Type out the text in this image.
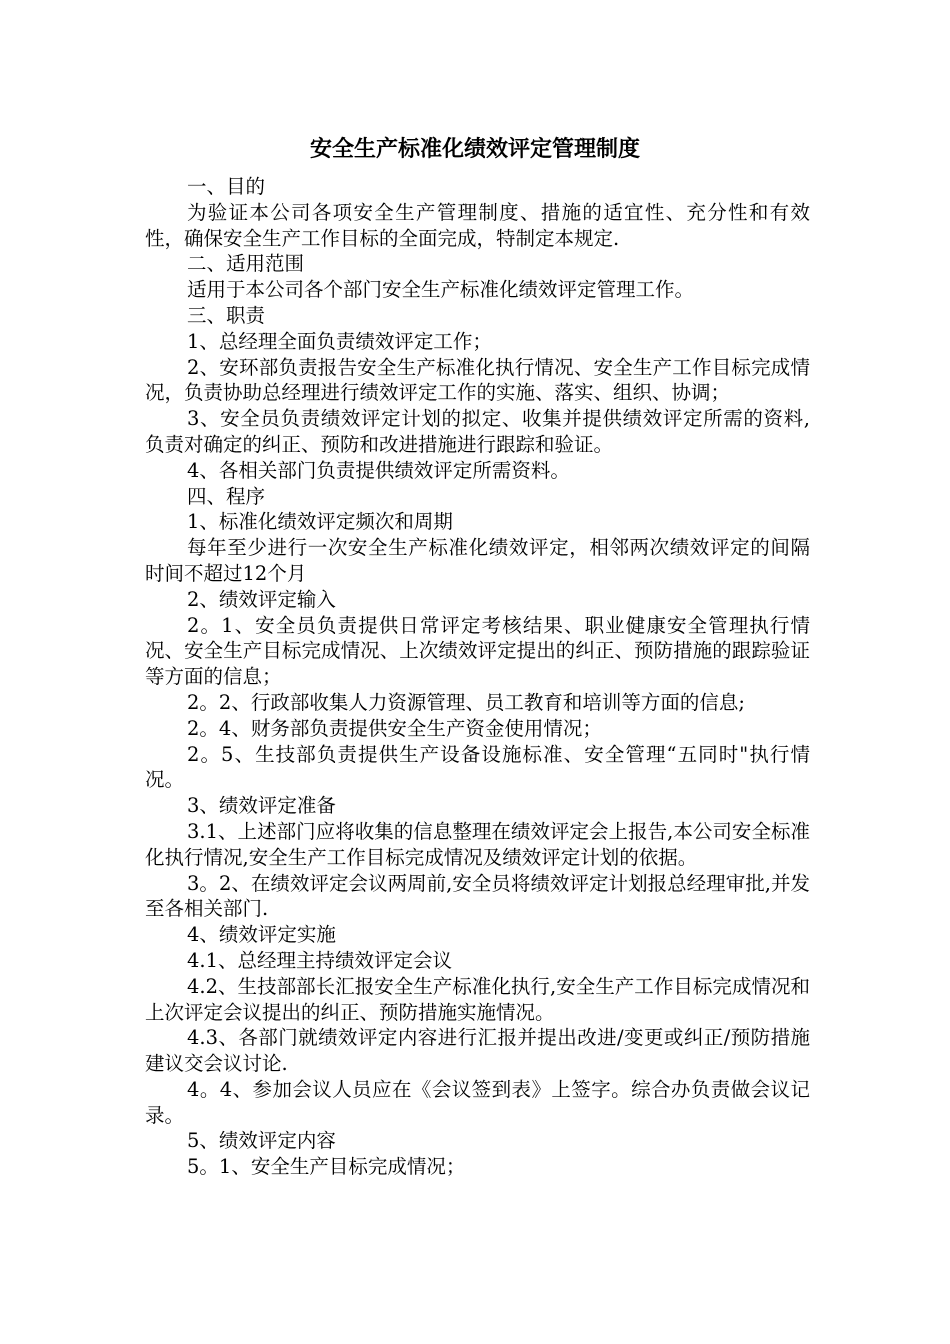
安全生产标准化绩效评定管理制度

一、目的

为验证本公司各项安全生产管理制度、措施的适宜性、充分性和有效性，确保安全生产工作目标的全面完成，特制定本规定.

二、适用范围

适用于本公司各个部门安全生产标准化绩效评定管理工作。

三、职责

1、总经理全面负责绩效评定工作；

2、安环部负责报告安全生产标准化执行情况、安全生产工作目标完成情况，负责协助总经理进行绩效评定工作的实施、落实、组织、协调；

3、安全员负责绩效评定计划的拟定、收集并提供绩效评定所需的资料,负责对确定的纠正、预防和改进措施进行跟踪和验证。

4、各相关部门负责提供绩效评定所需资料。

四、程序

1、标准化绩效评定频次和周期

每年至少进行一次安全生产标准化绩效评定，相邻两次绩效评定的间隔时间不超过12个月

2、绩效评定输入

2。1、安全员负责提供日常评定考核结果、职业健康安全管理执行情况、安全生产目标完成情况、上次绩效评定提出的纠正、预防措施的跟踪验证等方面的信息；

2。2、行政部收集人力资源管理、员工教育和培训等方面的信息;

2。4、财务部负责提供安全生产资金使用情况；

2。5、生技部负责提供生产设备设施标准、安全管理“五同时"执行情况。

3、绩效评定准备

3.1、上述部门应将收集的信息整理在绩效评定会上报告,本公司安全标准化执行情况,安全生产工作目标完成情况及绩效评定计划的依据。

3。2、在绩效评定会议两周前,安全员将绩效评定计划报总经理审批,并发至各相关部门.

4、绩效评定实施

4.1、总经理主持绩效评定会议

4.2、生技部部长汇报安全生产标准化执行,安全生产工作目标完成情况和上次评定会议提出的纠正、预防措施实施情况。

4.3、各部门就绩效评定内容进行汇报并提出改进/变更或纠正/预防措施建议交会议讨论.

4。4、参加会议人员应在《会议签到表》上签字。综合办负责做会议记录。

5、绩效评定内容

5。1、安全生产目标完成情况；
